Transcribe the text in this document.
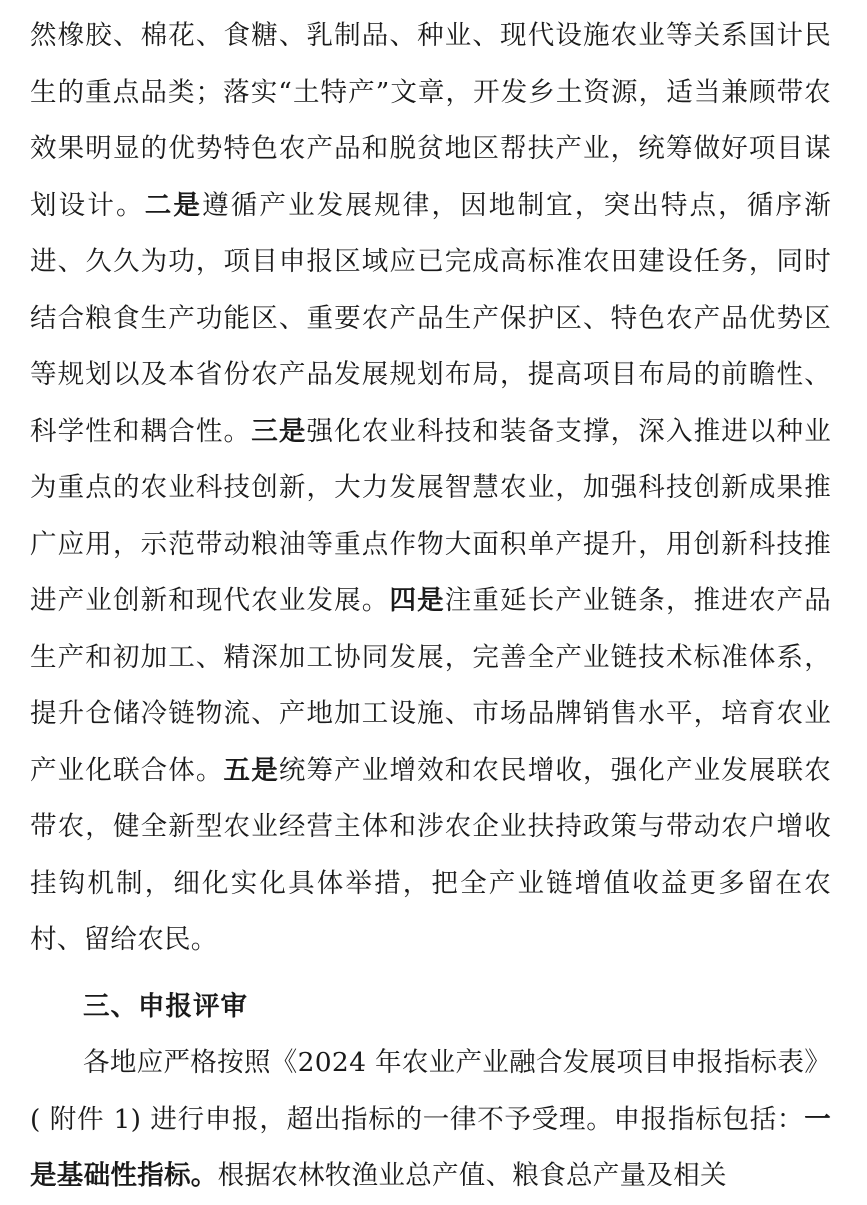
然橡胶、棉花、食糖、乳制品、种业、现代设施农业等关系国计民生的重点品类；落实“土特产”文章，开发乡土资源，适当兼顾带农效果明显的优势特色农产品和脱贫地区帮扶产业，统筹做好项目谋划设计。二是遵循产业发展规律，因地制宜，突出特点，循序渐进、久久为功，项目申报区域应已完成高标准农田建设任务，同时结合粮食生产功能区、重要农产品生产保护区、特色农产品优势区等规划以及本省份农产品发展规划布局，提高项目布局的前瞻性、科学性和耦合性。三是强化农业科技和装备支撑，深入推进以种业为重点的农业科技创新，大力发展智慧农业，加强科技创新成果推广应用，示范带动粮油等重点作物大面积单产提升，用创新科技推进产业创新和现代农业发展。四是注重延长产业链条，推进农产品生产和初加工、精深加工协同发展，完善全产业链技术标准体系，提升仓储冷链物流、产地加工设施、市场品牌销售水平，培育农业产业化联合体。五是统筹产业增效和农民增收，强化产业发展联农带农，健全新型农业经营主体和涉农企业扶持政策与带动农户增收挂钩机制，细化实化具体举措，把全产业链增值收益更多留在农村、留给农民。

三、申报评审

各地应严格按照《2024 年农业产业融合发展项目申报指标表》( 附件 1) 进行申报，超出指标的一律不予受理。申报指标包括：一是基础性指标。根据农林牧渔业总产值、粮食总产量及相关
